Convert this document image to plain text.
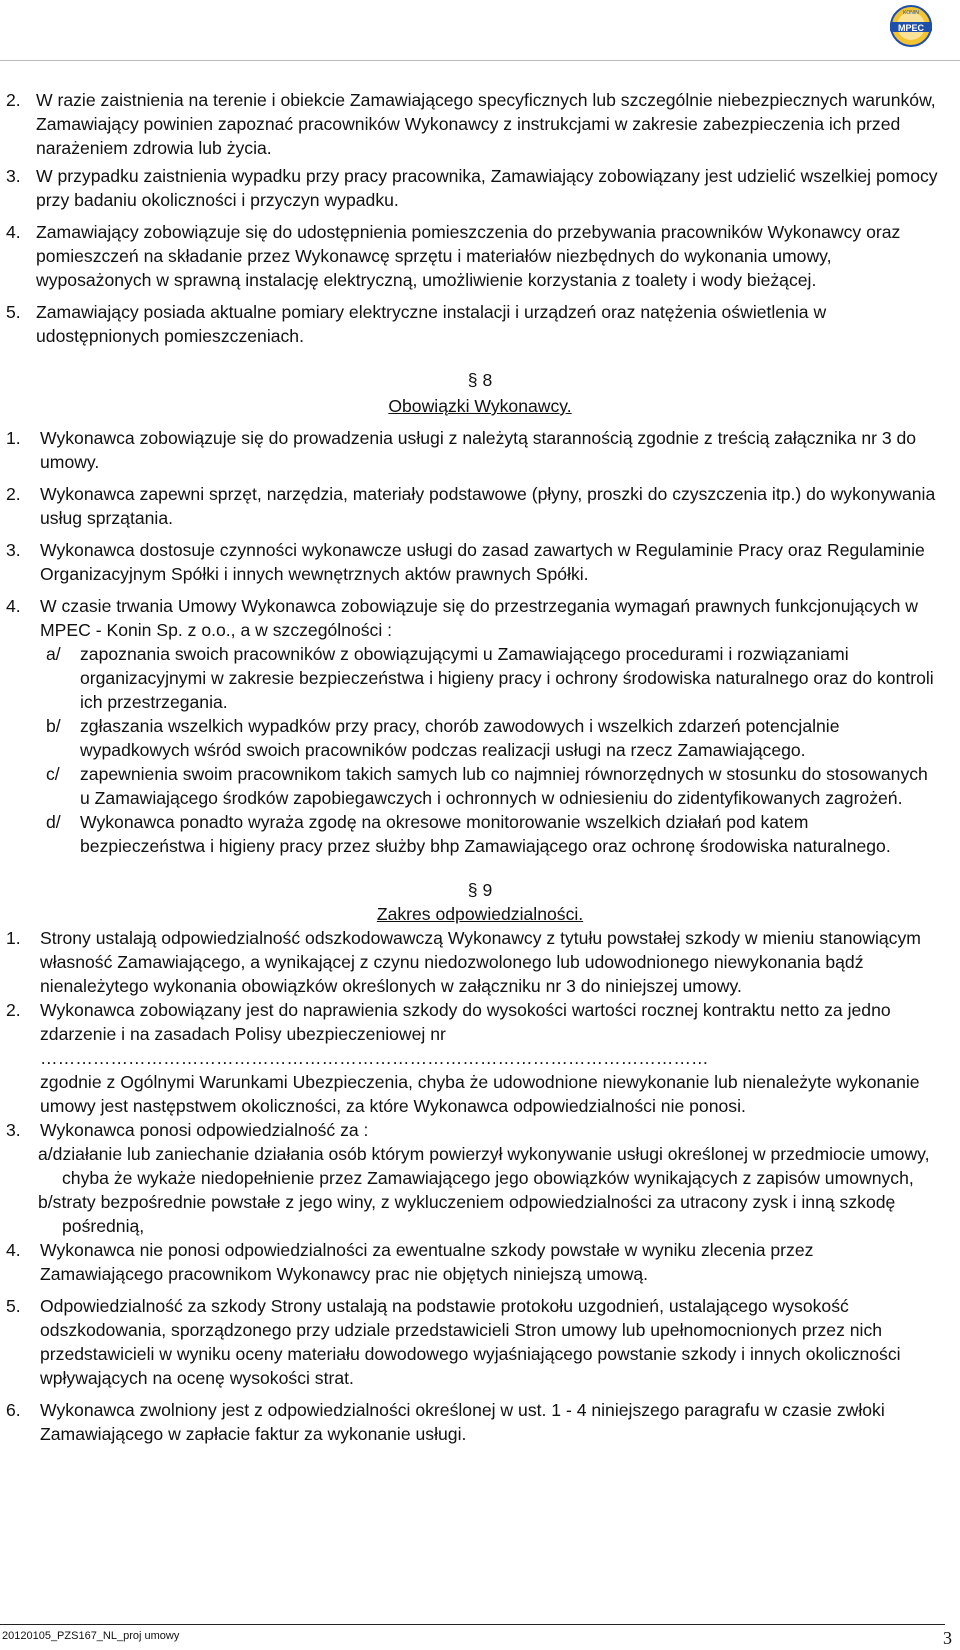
MPEC
KONIN
2. W razie zaistnienia na terenie i obiekcie Zamawiającego specyficznych lub szczególnie niebezpiecznych warunków, Zamawiający powinien zapoznać pracowników Wykonawcy z instrukcjami w zakresie zabezpieczenia ich przed narażeniem zdrowia lub życia.
3. W przypadku zaistnienia wypadku przy pracy pracownika, Zamawiający zobowiązany jest udzielić wszelkiej pomocy przy badaniu okoliczności i przyczyn wypadku.
4. Zamawiający zobowiązuje się do udostępnienia pomieszczenia do przebywania pracowników Wykonawcy oraz pomieszczeń na składanie przez Wykonawcę sprzętu i materiałów niezbędnych do wykonania umowy, wyposażonych w sprawną instalację elektryczną, umożliwienie korzystania z toalety i wody bieżącej.
5. Zamawiający posiada aktualne pomiary elektryczne instalacji i urządzeń oraz natężenia oświetlenia w udostępnionych pomieszczeniach.
§ 8
Obowiązki Wykonawcy.
1. Wykonawca zobowiązuje się do prowadzenia usługi z należytą starannością zgodnie z treścią załącznika nr 3 do umowy.
2. Wykonawca zapewni sprzęt, narzędzia, materiały podstawowe (płyny, proszki do czyszczenia itp.) do wykonywania usług sprzątania.
3. Wykonawca dostosuje czynności wykonawcze usługi do zasad zawartych w Regulaminie Pracy oraz Regulaminie Organizacyjnym Spółki i innych wewnętrznych aktów prawnych Spółki.
4. W czasie trwania Umowy Wykonawca zobowiązuje się do przestrzegania wymagań prawnych funkcjonujących w MPEC - Konin Sp. z o.o., a w szczególności :
a/ zapoznania swoich pracowników z obowiązującymi u Zamawiającego procedurami i rozwiązaniami organizacyjnymi w zakresie bezpieczeństwa i higieny pracy i ochrony środowiska naturalnego oraz do kontroli ich przestrzegania.
b/ zgłaszania wszelkich wypadków przy pracy, chorób zawodowych i wszelkich zdarzeń potencjalnie wypadkowych wśród swoich pracowników podczas realizacji usługi na rzecz Zamawiającego.
c/ zapewnienia swoim pracownikom takich samych lub co najmniej równorzędnych w stosunku do stosowanych u Zamawiającego środków zapobiegawczych i ochronnych w odniesieniu do zidentyfikowanych zagrożeń.
d/ Wykonawca ponadto wyraża zgodę na okresowe monitorowanie wszelkich działań pod katem bezpieczeństwa i higieny pracy przez służby bhp Zamawiającego oraz ochronę środowiska naturalnego.
§ 9
Zakres odpowiedzialności.
1. Strony ustalają odpowiedzialność odszkodowawczą Wykonawcy z tytułu powstałej szkody w mieniu stanowiącym własność Zamawiającego, a wynikającej z czynu niedozwolonego lub udowodnionego niewykonania bądź nienależytego wykonania obowiązków określonych w załączniku nr 3 do niniejszej umowy.
2. Wykonawca zobowiązany jest do naprawienia szkody do wysokości wartości rocznej kontraktu netto za jedno zdarzenie i na zasadach Polisy ubezpieczeniowej nr
……………………………………………………………………………………………………
zgodnie z Ogólnymi Warunkami Ubezpieczenia, chyba że udowodnione niewykonanie lub nienależyte wykonanie umowy jest następstwem okoliczności, za które Wykonawca odpowiedzialności nie ponosi.
3. Wykonawca ponosi odpowiedzialność za :
a/działanie lub zaniechanie działania osób którym powierzył wykonywanie usługi określonej w przedmiocie umowy, chyba że wykaże niedopełnienie przez Zamawiającego jego obowiązków wynikających z zapisów umownych,
b/straty bezpośrednie powstałe z jego winy, z wykluczeniem odpowiedzialności za utracony zysk i inną szkodę pośrednią,
4. Wykonawca nie ponosi odpowiedzialności za ewentualne szkody powstałe w wyniku zlecenia przez Zamawiającego pracownikom Wykonawcy prac nie objętych niniejszą umową.
5. Odpowiedzialność za szkody Strony ustalają na podstawie protokołu uzgodnień, ustalającego wysokość odszkodowania, sporządzonego przy udziale przedstawicieli Stron umowy lub upełnomocnionych przez nich przedstawicieli w wyniku oceny materiału dowodowego wyjaśniającego powstanie szkody i innych okoliczności wpływających na ocenę wysokości strat.
6. Wykonawca zwolniony jest z odpowiedzialności określonej w ust. 1 - 4 niniejszego paragrafu w czasie zwłoki Zamawiającego w zapłacie faktur za wykonanie usługi.
20120105_PZS167_NL_proj umowy	3
